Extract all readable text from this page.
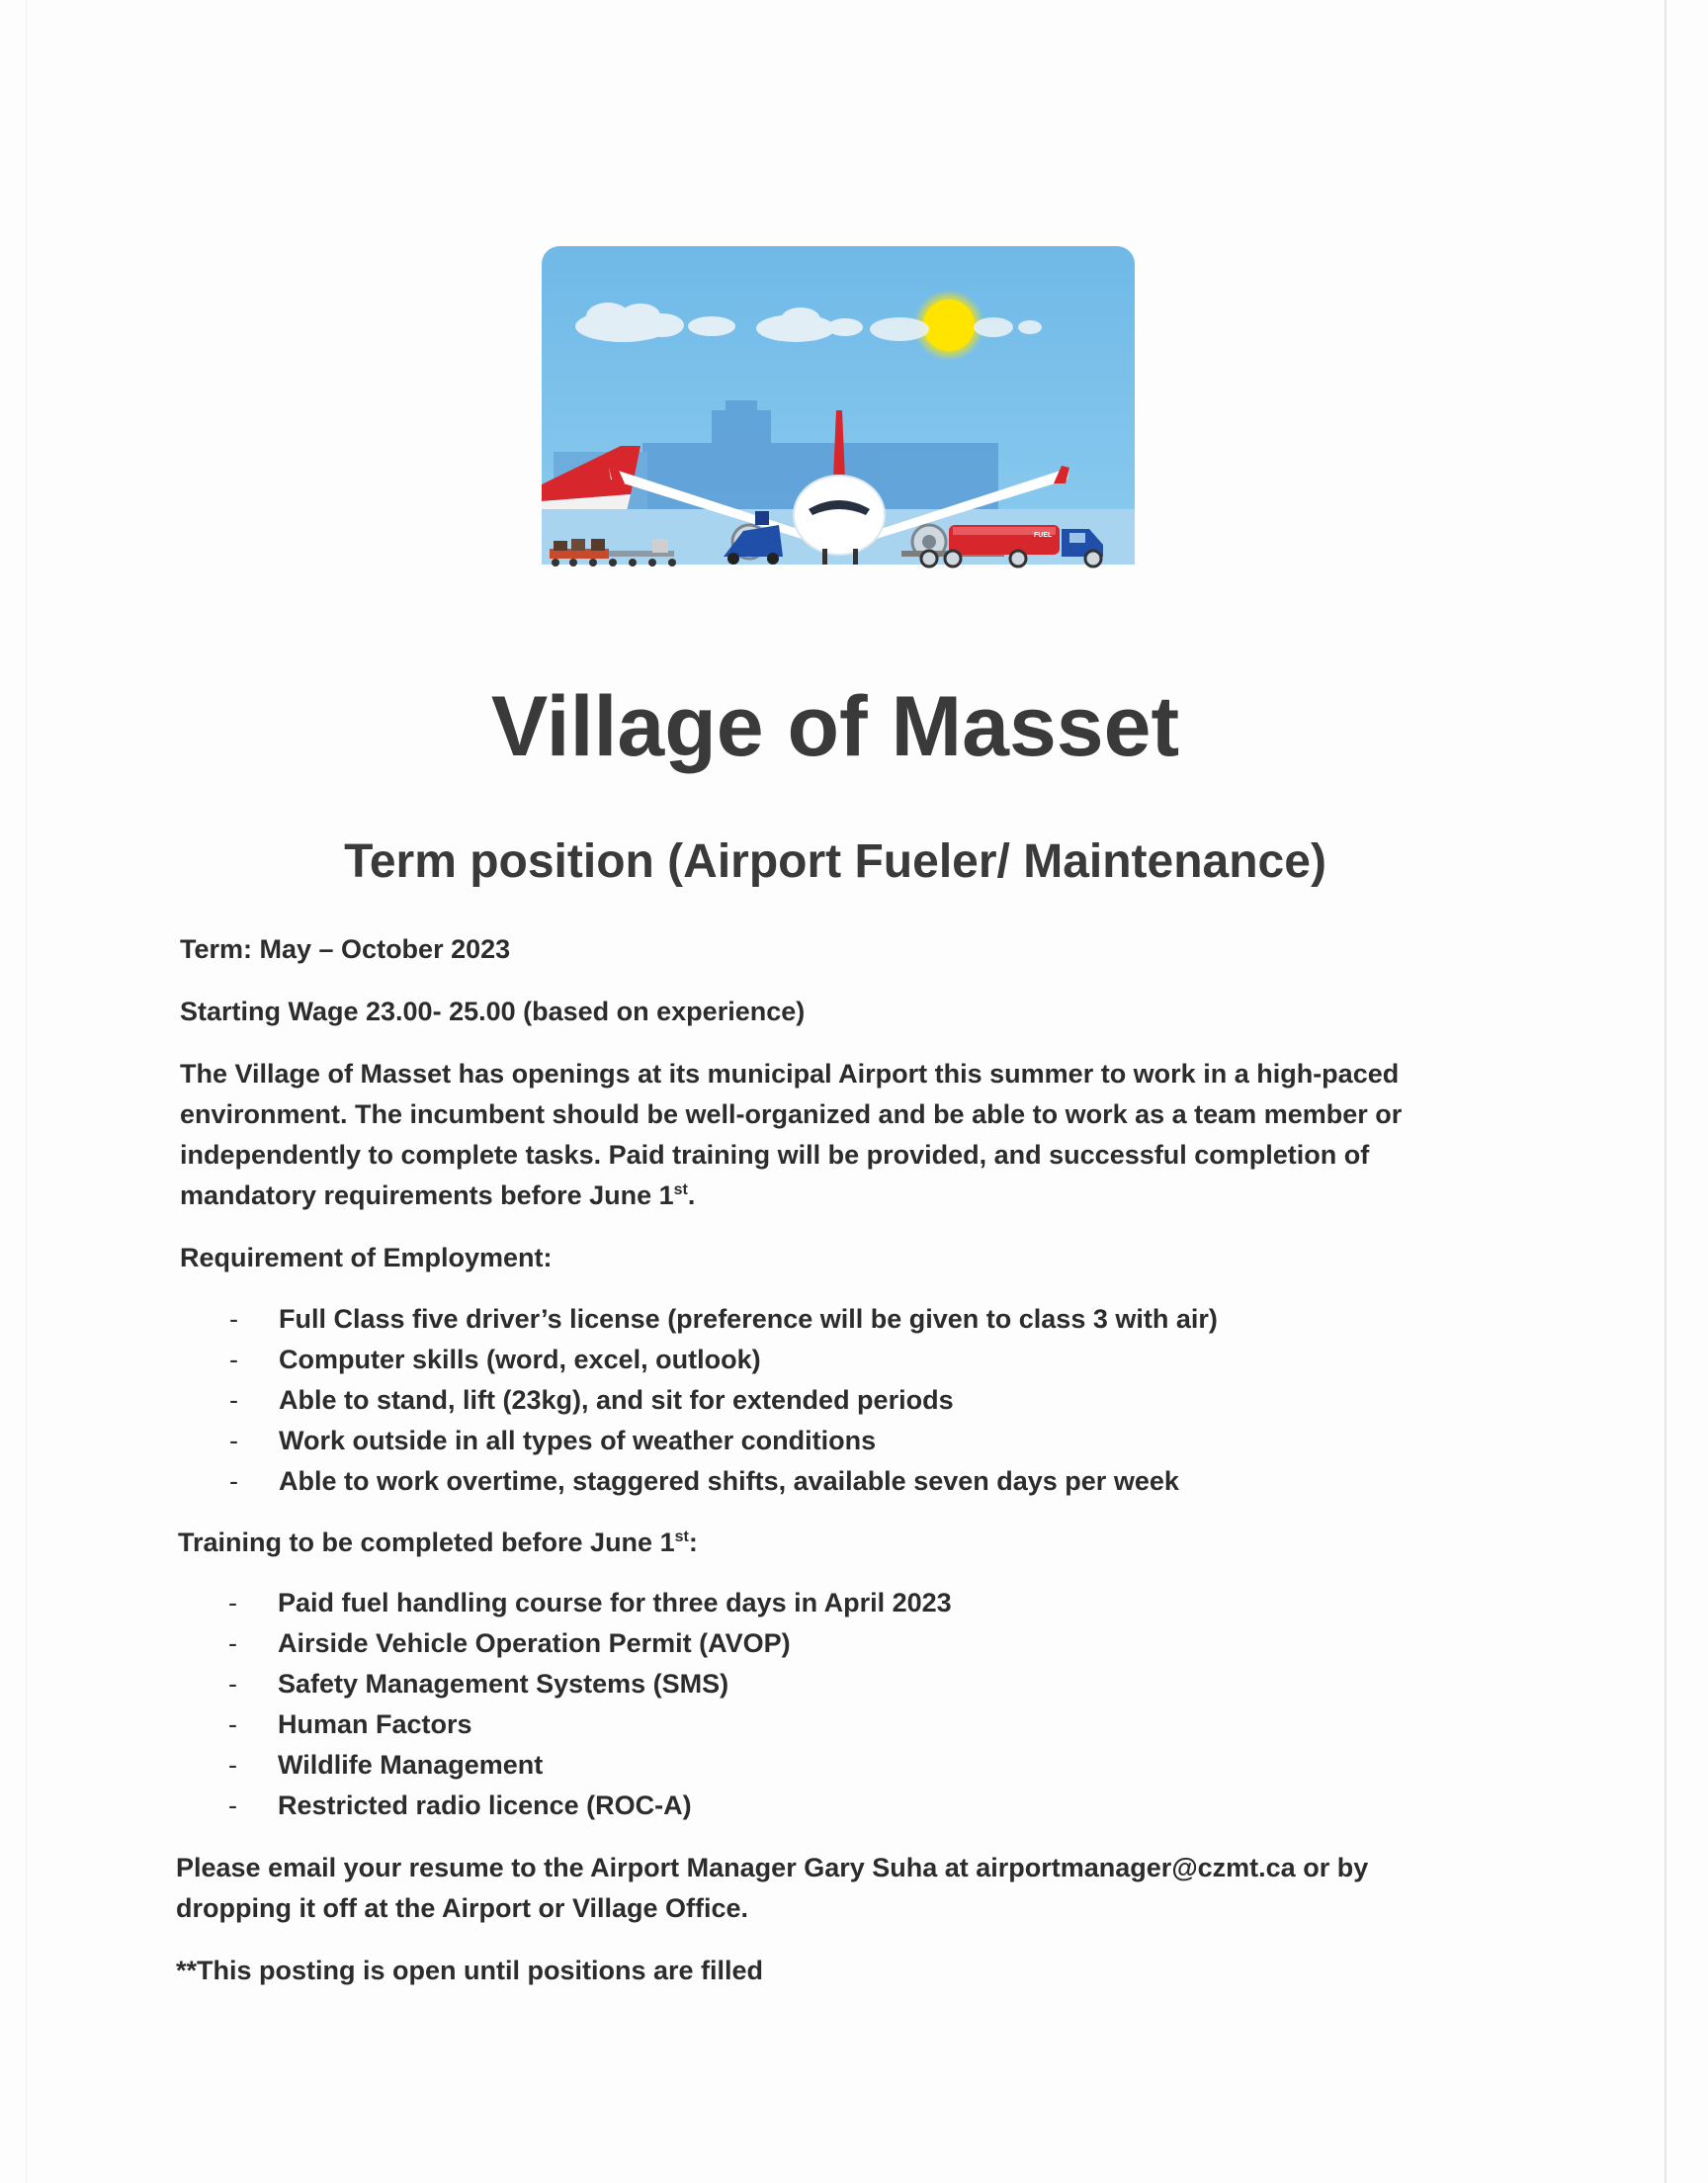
FUEL
Village of Masset
Term position (Airport Fueler/ Maintenance)

Term: May – October 2023

Starting Wage 23.00- 25.00 (based on experience)

The Village of Masset has openings at its municipal Airport this summer to work in a high-paced environment. The incumbent should be well-organized and be able to work as a team member or independently to complete tasks. Paid training will be provided, and successful completion of mandatory requirements before June 1st.

Requirement of Employment:

- Full Class five driver’s license (preference will be given to class 3 with air)
- Computer skills (word, excel, outlook)
- Able to stand, lift (23kg), and sit for extended periods
- Work outside in all types of weather conditions
- Able to work overtime, staggered shifts, available seven days per week

Training to be completed before June 1st:

- Paid fuel handling course for three days in April 2023
- Airside Vehicle Operation Permit (AVOP)
- Safety Management Systems (SMS)
- Human Factors
- Wildlife Management
- Restricted radio licence (ROC-A)

Please email your resume to the Airport Manager Gary Suha at airportmanager@czmt.ca or by dropping it off at the Airport or Village Office.

**This posting is open until positions are filled
